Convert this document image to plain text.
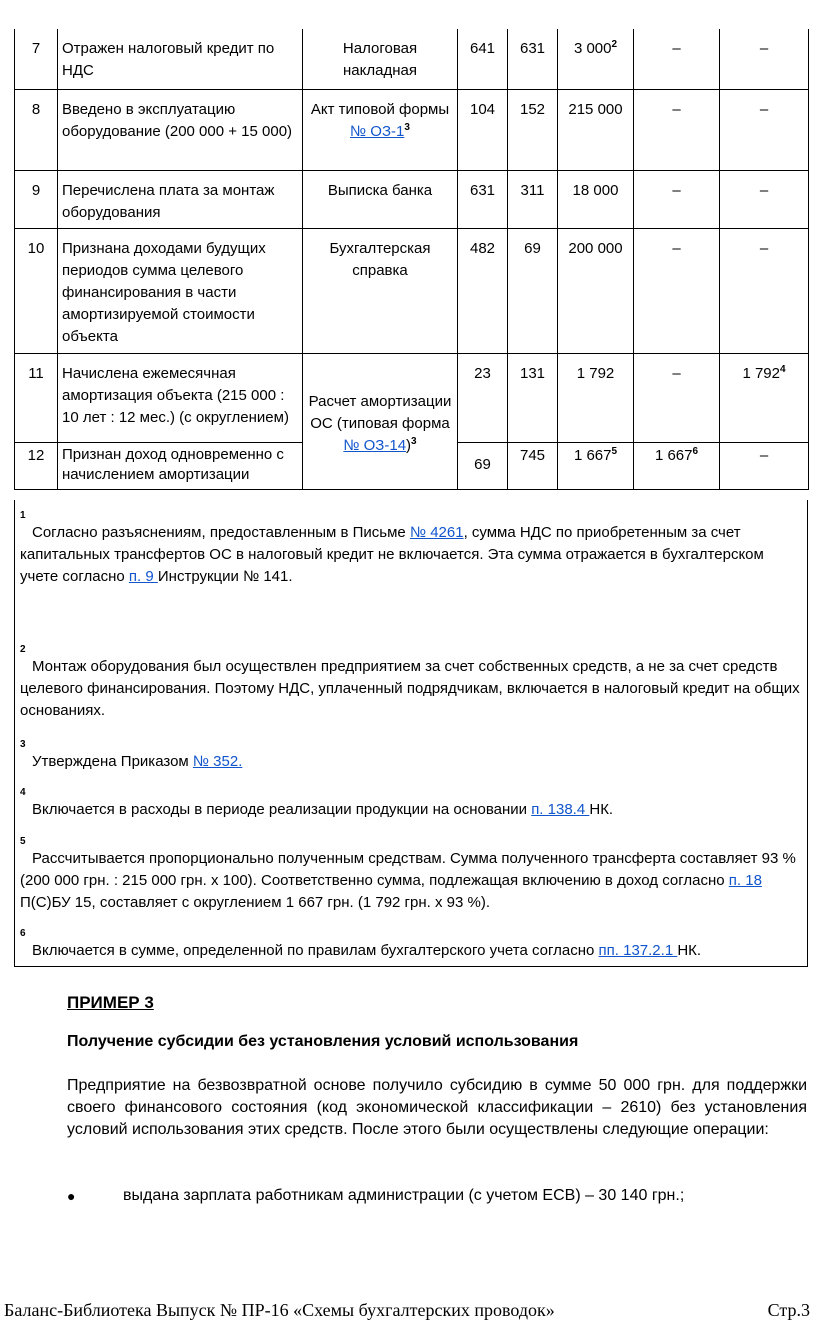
7	Отражен налоговый кредит по НДС	Налоговая накладная	641	631	3 $000^2$	–	–
8	Введено в эксплуатацию оборудование (200 000 + 15 000)	Акт типовой формы № $ОЗ-1^3$	104	152	215 000	–	–
9	Перечислена плата за монтаж оборудования	Выписка банка	631	311	18 000	–	–
10	Признана доходами будущих периодов сумма целевого финансирования в части амортизируемой стоимости объекта	Бухгалтерская справка	482	69	200 000	–	–
11	Начислена ежемесячная амортизация объекта (215 000 : 10 лет : 12 мес.) (с округлением)	Расчет амортизации ОС (типовая форма № ОЗ-14)$^3$	23	131	1 792	–	1 $792^4$
12	Признан доход одновременно с начислением амортизации		69	745	1 $667^5$	1 $667^6$	–
1
Согласно разъяснениям, предоставленным в Письме № 4261, сумма НДС по приобретенным за счет капитальных трансфертов ОС в налоговый кредит не включается. Эта сумма отражается в бухгалтерском учете согласно п. 9 Инструкции № 141.
2
Монтаж оборудования был осуществлен предприятием за счет собственных средств, а не за счет средств целевого финансирования. Поэтому НДС, уплаченный подрядчикам, включается в налоговый кредит на общих основаниях.
3
Утверждена Приказом № 352.
4
Включается в расходы в периоде реализации продукции на основании п. 138.4 НК.
5
Рассчитывается пропорционально полученным средствам. Сумма полученного трансферта составляет 93 % (200 000 грн. : 215 000 грн. х 100). Соответственно сумма, подлежащая включению в доход согласно п. 18 П(С)БУ 15, составляет с округлением 1 667 грн. (1 792 грн. х 93 %).
6
Включается в сумме, определенной по правилам бухгалтерского учета согласно пп. 137.2.1 НК.
ПРИМЕР 3
Получение субсидии без установления условий использования
Предприятие на безвозвратной основе получило субсидию в сумме 50 000 грн. для поддержки своего финансового состояния (код экономической классификации – 2610) без установления условий использования этих средств. После этого были осуществлены следующие операции:
●	выдана зарплата работникам администрации (с учетом ЕСВ) – 30 140 грн.;
Баланс-Библиотека Выпуск № ПР-16 «Схемы бухгалтерских проводок»	Стр.3
